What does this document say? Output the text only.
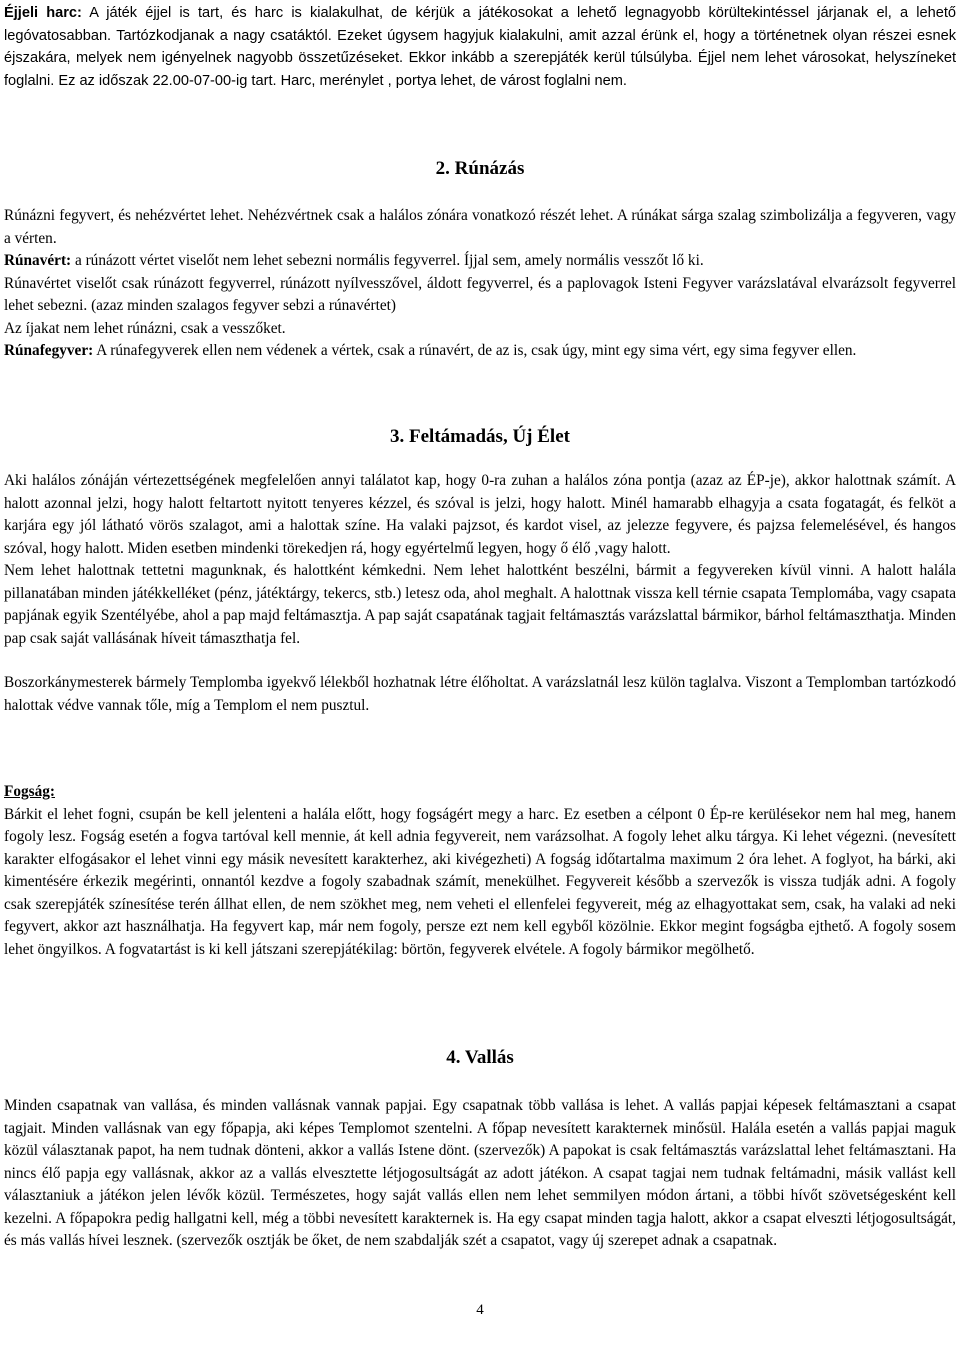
Éjjeli harc: A játék éjjel is tart, és harc is kialakulhat, de kérjük a játékosokat a lehető legnagyobb körültekintéssel járjanak el, a lehető legóvatosabban. Tartózkodjanak a nagy csatáktól. Ezeket úgysem hagyjuk kialakulni, amit azzal érünk el, hogy a történetnek olyan részei esnek éjszakára, melyek nem igényelnek nagyobb összetűzéseket. Ekkor inkább a szerepjáték kerül túlsúlyba. Éjjel nem lehet városokat, helyszíneket foglalni. Ez az időszak 22.00-07-00-ig tart. Harc, merénylet , portya lehet, de várost foglalni nem.
2. Rúnázás

Rúnázni fegyvert, és nehézvértet lehet. Nehézvértnek csak a halálos zónára vonatkozó részét lehet. A rúnákat sárga szalag szimbolizálja a fegyveren, vagy a vérten.

Rúnavért: a rúnázott vértet viselőt nem lehet sebezni normális fegyverrel. Íjjal sem, amely normális vesszőt lő ki.

Rúnavértet viselőt csak rúnázott fegyverrel, rúnázott nyílvesszővel, áldott fegyverrel, és a paplovagok Isteni Fegyver varázslatával elvarázsolt fegyverrel lehet sebezni. (azaz minden szalagos fegyver sebzi a rúnavértet)

Az íjakat nem lehet rúnázni, csak a vesszőket.

Rúnafegyver: A rúnafegyverek ellen nem védenek a vértek, csak a rúnavért, de az is, csak úgy, mint egy sima vért, egy sima fegyver ellen.

3. Feltámadás, Új Élet

Aki halálos zónáján vértezettségének megfelelően annyi találatot kap, hogy 0-ra zuhan a halálos zóna pontja (azaz az ÉP-je), akkor halottnak számít. A halott azonnal jelzi, hogy halott feltartott nyitott tenyeres kézzel, és szóval is jelzi, hogy halott. Minél hamarabb elhagyja a csata fogatagát, és felköt a karjára egy jól látható vörös szalagot, ami a halottak színe. Ha valaki pajzsot, és kardot visel, az jelezze fegyvere, és pajzsa felemelésével, és hangos szóval, hogy halott. Miden esetben mindenki törekedjen rá, hogy egyértelmű legyen, hogy ő élő ,vagy halott.

Nem lehet halottnak tettetni magunknak, és halottként kémkedni. Nem lehet halottként beszélni, bármit a fegyvereken kívül vinni. A halott halála pillanatában minden játékkelléket (pénz, játéktárgy, tekercs, stb.) letesz oda, ahol meghalt. A halottnak vissza kell térnie csapata Templomába, vagy csapata papjának egyik Szentélyébe, ahol a pap majd feltámasztja. A pap saját csapatának tagjait feltámasztás varázslattal bármikor, bárhol feltámaszthatja. Minden pap csak saját vallásának híveit támaszthatja fel.

Boszorkánymesterek bármely Templomba igyekvő lélekből hozhatnak létre élőholtat. A varázslatnál lesz külön taglalva. Viszont a Templomban tartózkodó halottak védve vannak tőle, míg a Templom el nem pusztul.

Fogság:

Bárkit el lehet fogni, csupán be kell jelenteni a halála előtt, hogy fogságért megy a harc. Ez esetben a célpont 0 Ép-re kerülésekor nem hal meg, hanem fogoly lesz. Fogság esetén a fogva tartóval kell mennie, át kell adnia fegyvereit, nem varázsolhat. A fogoly lehet alku tárgya. Ki lehet végezni. (nevesített karakter elfogásakor el lehet vinni egy másik nevesített karakterhez, aki kivégezheti) A fogság időtartalma maximum 2 óra lehet. A foglyot, ha bárki, aki kimentésére érkezik megérinti, onnantól kezdve a fogoly szabadnak számít, menekülhet. Fegyvereit később a szervezők is vissza tudják adni. A fogoly csak szerepjáték színesítése terén állhat ellen, de nem szökhet meg, nem veheti el ellenfelei fegyvereit, még az elhagyottakat sem, csak, ha valaki ad neki fegyvert, akkor azt használhatja. Ha fegyvert kap, már nem fogoly, persze ezt nem kell egyből közölnie. Ekkor megint fogságba ejthető. A fogoly sosem lehet öngyilkos. A fogvatartást is ki kell játszani szerepjátékilag: börtön, fegyverek elvétele. A fogoly bármikor megölhető.

4. Vallás
Minden csapatnak van vallása, és minden vallásnak vannak papjai. Egy csapatnak több vallása is lehet. A vallás papjai képesek feltámasztani a csapat tagjait. Minden vallásnak van egy főpapja, aki képes Templomot szentelni. A főpap nevesített karakternek minősül. Halála esetén a vallás papjai maguk közül választanak papot, ha nem tudnak dönteni, akkor a vallás Istene dönt. (szervezők) A papokat is csak feltámasztás varázslattal lehet feltámasztani. Ha nincs élő papja egy vallásnak, akkor az a vallás elvesztette létjogosultságát az adott játékon. A csapat tagjai nem tudnak feltámadni, másik vallást kell választaniuk a játékon jelen lévők közül. Természetes, hogy saját vallás ellen nem lehet semmilyen módon ártani, a többi hívőt szövetségesként kell kezelni. A főpapokra pedig hallgatni kell, még a többi nevesített karakternek is. Ha egy csapat minden tagja halott, akkor a csapat elveszti létjogosultságát, és más vallás hívei lesznek. (szervezők osztják be őket, de nem szabdalják szét a csapatot, vagy új szerepet adnak a csapatnak.
4
